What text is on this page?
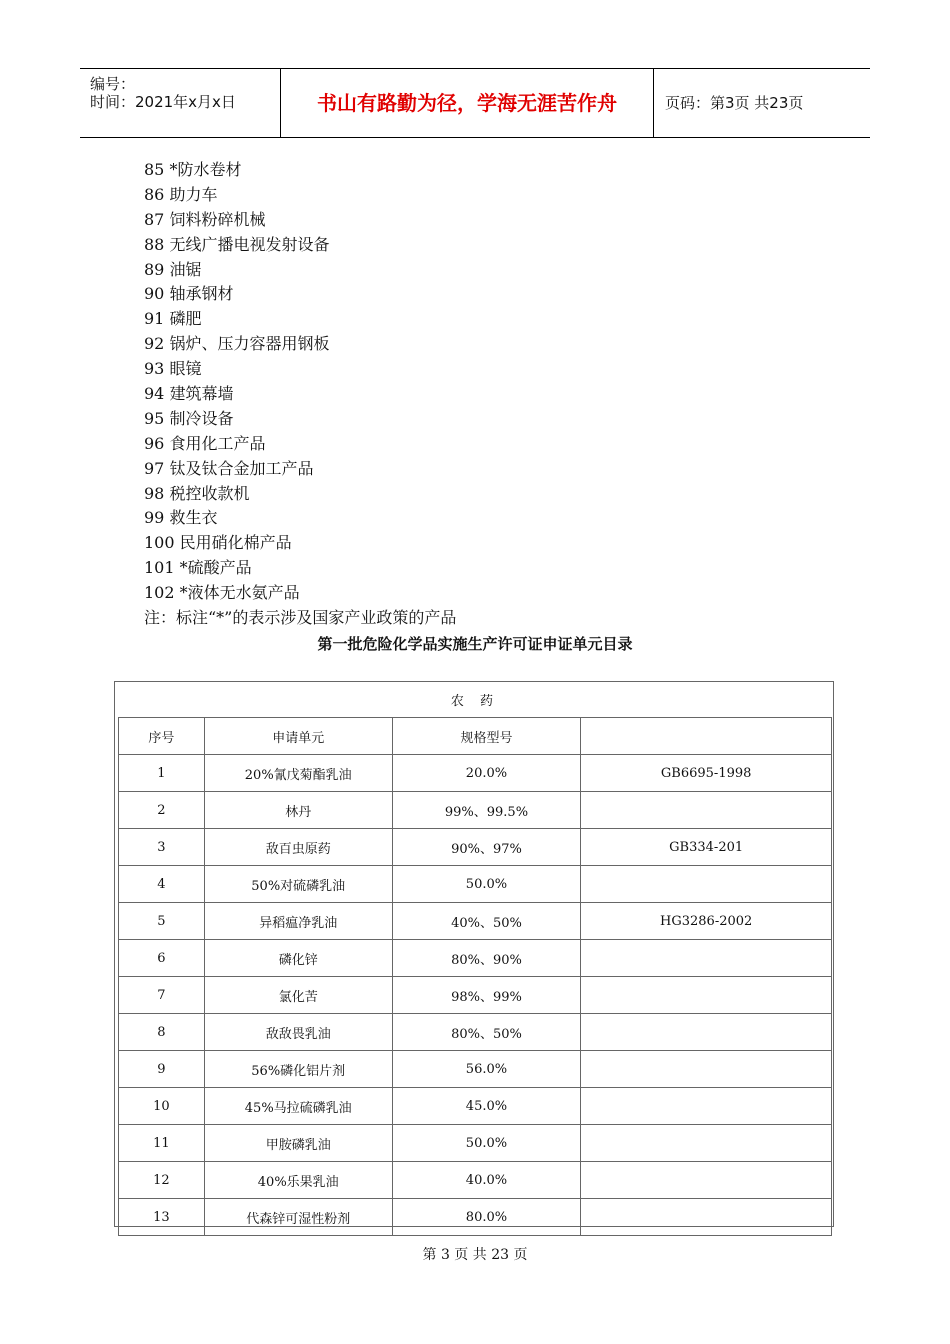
编号：
时间：2021年x月x日	书山有路勤为径，学海无涯苦作舟	页码：第3页 共23页
85 *防水卷材
86 助力车
87 饲料粉碎机械
88 无线广播电视发射设备
89 油锯
90 轴承钢材
91 磷肥
92 锅炉、压力容器用钢板
93 眼镜
94 建筑幕墙
95 制冷设备
96 食用化工产品
97 钛及钛合金加工产品
98 税控收款机
99 救生衣
100 民用硝化棉产品
101 *硫酸产品
102 *液体无水氨产品
注：标注“*”的表示涉及国家产业政策的产品
第一批危险化学品实施生产许可证申证单元目录
农 药			
序号	申请单元	规格型号	
1	20%氰戊菊酯乳油	20.0%	GB6695-1998
2	林丹	99%、99.5%	
3	敌百虫原药	90%、97%	GB334-201
4	50%对硫磷乳油	50.0%	
5	异稻瘟净乳油	40%、50%	HG3286-2002
6	磷化锌	80%、90%	
7	氯化苦	98%、99%	
8	敌敌畏乳油	80%、50%	
9	56%磷化铝片剂	56.0%	
10	45%马拉硫磷乳油	45.0%	
11	甲胺磷乳油	50.0%	
12	40%乐果乳油	40.0%	
13	代森锌可湿性粉剂	80.0%	
第 3 页 共 23 页
